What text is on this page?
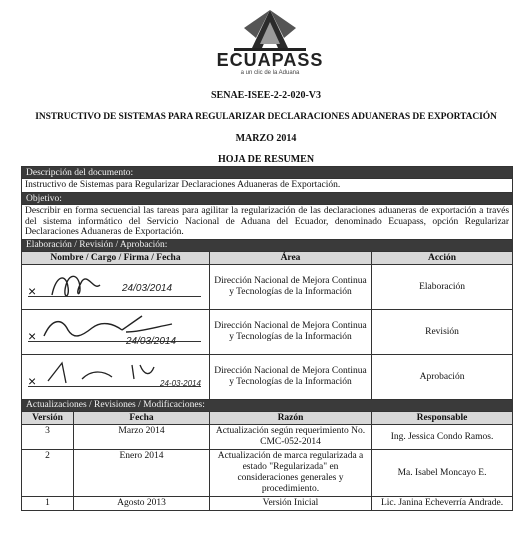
ECUAPASS
a un clic de la Aduana
SENAE-ISEE-2-2-020-V3
INSTRUCTIVO DE SISTEMAS PARA REGULARIZAR DECLARACIONES ADUANERAS DE EXPORTACIÓN
MARZO 2014
HOJA DE RESUMEN
Descripción del documento:			
Instructivo de Sistemas para Regularizar Declaraciones Aduaneras de Exportación.			
Objetivo:			
Describir en forma secuencial las tareas para agilitar la regularización de las declaraciones aduaneras de exportación a través del sistema informático del Servicio Nacional de Aduana del Ecuador, denominado Ecuapass, opción Regularizar Declaraciones Aduaneras de Exportación.			
Elaboración / Revisión / Aprobación:			
Nombre / Cargo / Firma / Fecha		Área	Acción

× 24/03/2014		Dirección Nacional de Mejora Continua y Tecnologías de la Información	Elaboración

× 24/03/2014		Dirección Nacional de Mejora Continua y Tecnologías de la Información	Revisión

× 24-03-2014		Dirección Nacional de Mejora Continua y Tecnologías de la Información	Aprobación
Actualizaciones / Revisiones / Modificaciones:			
Versión	Fecha	Razón	Responsable
3	Marzo 2014	Actualización según requerimiento No. CMC-052-2014	Ing. Jessica Condo Ramos.
2	Enero 2014	Actualización de marca regularizada a estado "Regularizada" en consideraciones generales y procedimiento.	Ma. Isabel Moncayo E.
1	Agosto 2013	Versión Inicial	Lic. Janina Echeverría Andrade.
